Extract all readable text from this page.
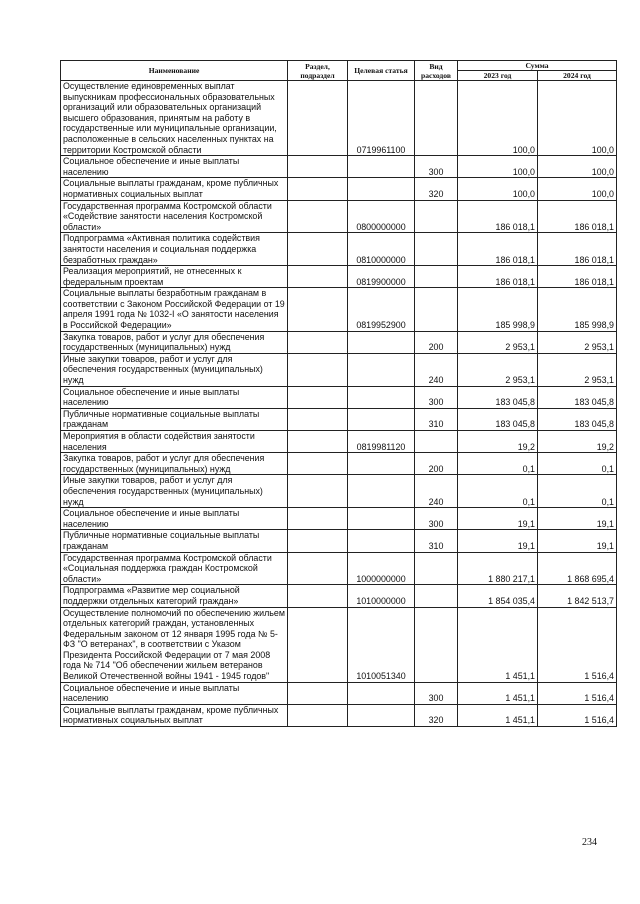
Наименование	Раздел, подраздел	Целевая статья	Вид расходов	Сумма	
				2023 год	2024 год
Осуществление единовременных выплат выпускникам профессиональных образовательных организаций или образовательных организаций высшего образования, принятым на работу в государственные или муниципальные организации, расположенные в сельских населенных пунктах на территории Костромской области		0719961100		100,0	100,0
Социальное обеспечение и иные выплаты населению			300	100,0	100,0
Социальные выплаты гражданам, кроме публичных нормативных социальных выплат			320	100,0	100,0
Государственная программа Костромской области «Содействие занятости населения Костромской области»		0800000000		186 018,1	186 018,1
Подпрограмма «Активная политика содействия занятости населения и социальная поддержка безработных граждан»		0810000000		186 018,1	186 018,1
Реализация мероприятий, не отнесенных к федеральным проектам		0819900000		186 018,1	186 018,1
Социальные выплаты безработным гражданам в соответствии с Законом Российской Федерации от 19 апреля 1991 года № 1032-I «О занятости населения в Российской Федерации»		0819952900		185 998,9	185 998,9
Закупка товаров, работ и услуг для обеспечения государственных (муниципальных) нужд			200	2 953,1	2 953,1
Иные закупки товаров, работ и услуг для обеспечения государственных (муниципальных) нужд			240	2 953,1	2 953,1
Социальное обеспечение и иные выплаты населению			300	183 045,8	183 045,8
Публичные нормативные социальные выплаты гражданам			310	183 045,8	183 045,8
Мероприятия в области содействия занятости населения		0819981120		19,2	19,2
Закупка товаров, работ и услуг для обеспечения государственных (муниципальных) нужд			200	0,1	0,1
Иные закупки товаров, работ и услуг для обеспечения государственных (муниципальных) нужд			240	0,1	0,1
Социальное обеспечение и иные выплаты населению			300	19,1	19,1
Публичные нормативные социальные выплаты гражданам			310	19,1	19,1
Государственная программа Костромской области «Социальная поддержка граждан Костромской области»		1000000000		1 880 217,1	1 868 695,4
Подпрограмма «Развитие мер социальной поддержки отдельных категорий граждан»		1010000000		1 854 035,4	1 842 513,7
Осуществление полномочий по обеспечению жильем отдельных категорий граждан, установленных Федеральным законом от 12 января 1995 года № 5-ФЗ "О ветеранах", в соответствии с Указом Президента Российской Федерации от 7 мая 2008 года № 714 "Об обеспечении жильем ветеранов Великой Отечественной войны 1941 - 1945 годов"		1010051340		1 451,1	1 516,4
Социальное обеспечение и иные выплаты населению			300	1 451,1	1 516,4
Социальные выплаты гражданам, кроме публичных нормативных социальных выплат			320	1 451,1	1 516,4
234
